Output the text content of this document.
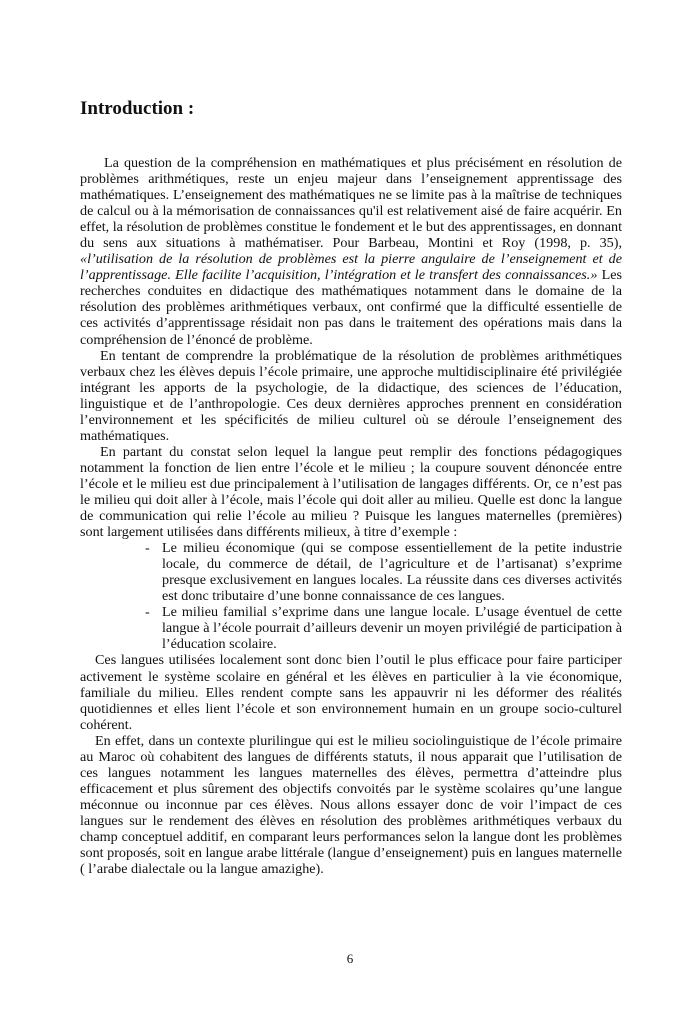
Introduction :

La question de la compréhension en mathématiques et plus précisément en résolution de problèmes arithmétiques, reste un enjeu majeur dans l’enseignement apprentissage des mathématiques. L’enseignement des mathématiques ne se limite pas à la maîtrise de techniques de calcul ou à la mémorisation de connaissances qu'il est relativement aisé de faire acquérir. En effet, la résolution de problèmes constitue le fondement et le but des apprentissages, en donnant du sens aux situations à mathématiser. Pour Barbeau, Montini et Roy (1998, p. 35), «l’utilisation de la résolution de problèmes est la pierre angulaire de l’enseignement et de l’apprentissage. Elle facilite l’acquisition, l’intégration et le transfert des connaissances.» Les recherches conduites en didactique des mathématiques notamment dans le domaine de la résolution des problèmes arithmétiques verbaux, ont confirmé que la difficulté essentielle de ces activités d’apprentissage résidait non pas dans le traitement des opérations mais dans la compréhension de l’énoncé de problème.

En tentant de comprendre la problématique de la résolution de problèmes arithmétiques verbaux chez les élèves depuis l’école primaire, une approche multidisciplinaire été privilégiée intégrant les apports de la psychologie, de la didactique, des sciences de l’éducation, linguistique et de l’anthropologie. Ces deux dernières approches prennent en considération l’environnement et les spécificités de milieu culturel où se déroule l’enseignement des mathématiques.

En partant du constat selon lequel la langue peut remplir des fonctions pédagogiques notamment la fonction de lien entre l’école et le milieu ; la coupure souvent dénoncée entre l’école et le milieu est due principalement à l’utilisation de langages différents. Or, ce n’est pas le milieu qui doit aller à l’école, mais l’école qui doit aller au milieu. Quelle est donc la langue de communication qui relie l’école au milieu ? Puisque les langues maternelles (premières) sont largement utilisées dans différents milieux, à titre d’exemple :

- Le milieu économique (qui se compose essentiellement de la petite industrie locale, du commerce de détail, de l’agriculture et de l’artisanat) s’exprime presque exclusivement en langues locales. La réussite dans ces diverses activités est donc tributaire d’une bonne connaissance de ces langues.
- Le milieu familial s’exprime dans une langue locale. L’usage éventuel de cette langue à l’école pourrait d’ailleurs devenir un moyen privilégié de participation à l’éducation scolaire.

Ces langues utilisées localement sont donc bien l’outil le plus efficace pour faire participer activement le système scolaire en général et les élèves en particulier à la vie économique, familiale du milieu. Elles rendent compte sans les appauvrir ni les déformer des réalités quotidiennes et elles lient l’école et son environnement humain en un groupe socio-culturel cohérent.

En effet, dans un contexte plurilingue qui est le milieu sociolinguistique de l’école primaire au Maroc où cohabitent des langues de différents statuts, il nous apparait que l’utilisation de ces langues notamment les langues maternelles des élèves, permettra d’atteindre plus efficacement et plus sûrement des objectifs convoités par le système scolaires qu’une langue méconnue ou inconnue par ces élèves. Nous allons essayer donc de voir l’impact de ces langues sur le rendement des élèves en résolution des problèmes arithmétiques verbaux du champ conceptuel additif, en comparant leurs performances selon la langue dont les problèmes sont proposés, soit en langue arabe littérale (langue d’enseignement) puis en langues maternelle ( l’arabe dialectale ou la langue amazighe).

6
